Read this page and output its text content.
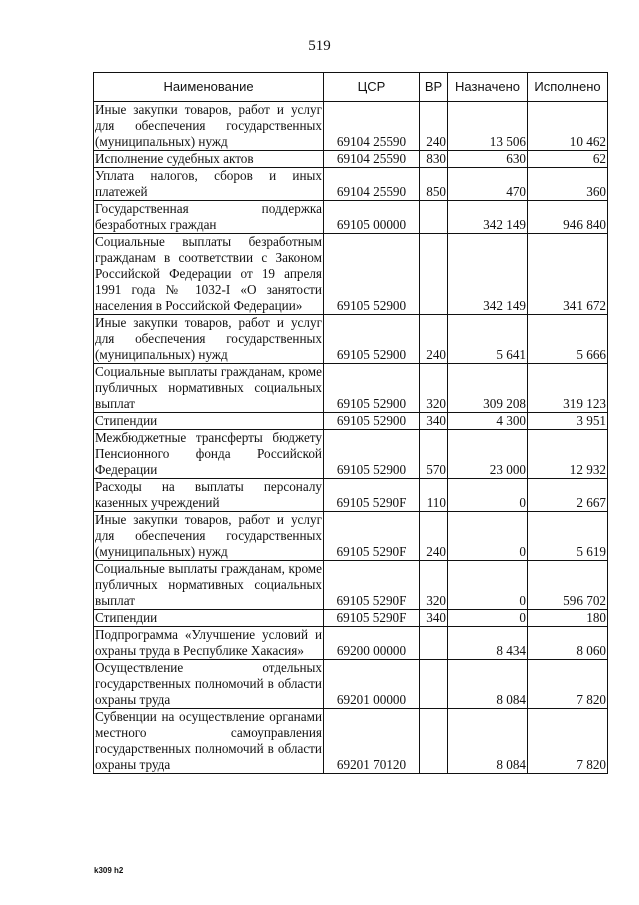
519
Наименование	ЦСР	ВР	Назначено	Исполнено
Иные закупки товаров, работ и услуг для обеспечения государственных (муниципальных) нужд	69104 25590	240	13 506	10 462
Исполнение судебных актов	69104 25590	830	630	62
Уплата налогов, сборов и иных платежей	69104 25590	850	470	360
Государственная поддержка безработных граждан	69105 00000		342 149	946 840
Социальные выплаты безработным гражданам в соответствии с Законом Российской Федерации от 19 апреля 1991 года № 1032-I «О занятости населения в Российской Федерации»	69105 52900		342 149	341 672
Иные закупки товаров, работ и услуг для обеспечения государственных (муниципальных) нужд	69105 52900	240	5 641	5 666
Социальные выплаты гражданам, кроме публичных нормативных социальных выплат	69105 52900	320	309 208	319 123
Стипендии	69105 52900	340	4 300	3 951
Межбюджетные трансферты бюджету Пенсионного фонда Российской Федерации	69105 52900	570	23 000	12 932
Расходы на выплаты персоналу казенных учреждений	69105 5290F	110	0	2 667
Иные закупки товаров, работ и услуг для обеспечения государственных (муниципальных) нужд	69105 5290F	240	0	5 619
Социальные выплаты гражданам, кроме публичных нормативных социальных выплат	69105 5290F	320	0	596 702
Стипендии	69105 5290F	340	0	180
Подпрограмма «Улучшение условий и охраны труда в Республике Хакасия»	69200 00000		8 434	8 060
Осуществление отдельных государственных полномочий в области охраны труда	69201 00000		8 084	7 820
Субвенции на осуществление органами местного самоуправления государственных полномочий в области охраны труда	69201 70120		8 084	7 820
k309 h2
